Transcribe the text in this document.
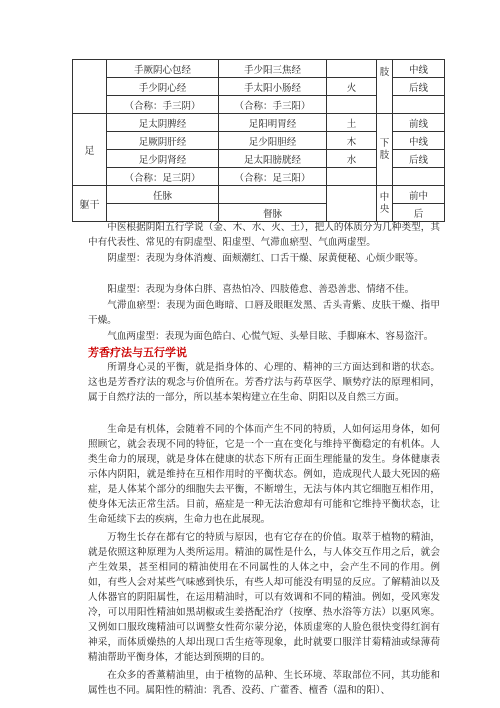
	手厥阴心包经	手少阳三焦经		肢	中线
	手少阴心经	手太阳小肠经	火		后线
	（合称：手三阴）	（合称：手三阳）			
足	足太阴脾经	足阳明胃经	土	下肢	前线
	足厥阴肝经	足少阳胆经	木		中线
	足少阴肾经	足太阳膀胱经	水		后线
	（合称：足三阴）	（合称：足三阳）			
躯干	任脉			中央	前中
		督脉			后

中医根据阴阳五行学说（金、木、水、火、土），把人的体质分为几种类型，其中有代表性、常见的有阴虚型、阳虚型、气滞血瘀型、气血两虚型。

阴虚型：表现为身体消瘦、面颊潮红、口舌干燥、尿黄便秘、心烦少眠等。

阳虚型：表现为身体白胖、喜热怕冷、四肢倦怠、善恐善悲、情绪不佳。

气滞血瘀型：表现为面色晦暗、口唇及眼眶发黑、舌头青紫、皮肤干燥、指甲干燥。

气血两虚型：表现为面色皓白、心慌气短、头晕目眩、手脚麻木、容易盗汗。

芳香疗法与五行学说

所谓身心灵的平衡，就是指身体的、心理的、精神的三方面达到和谐的状态。这也是芳香疗法的观念与价值所在。芳香疗法与药草医学、顺势疗法的原理相同，属于自然疗法的一部分，所以基本架构建立在生命、阴阳以及自然三方面。

生命是有机体，会随着不同的个体而产生不同的特质，人如何运用身体，如何照顾它，就会表现不同的特征，它是一个一直在变化与维持平衡稳定的有机体。人类生命力的展现，就是身体在健康的状态下所有正面生理能量的发生。身体健康表示体内阴阳，就是维持在互相作用时的平衡状态。例如，造成现代人最大死因的癌症，是人体某个部分的细胞失去平衡，不断增生，无法与体内其它细胞互相作用，使身体无法正常生活。目前，癌症是一种无法治愈却有可能和它维持平衡状态，让生命延续下去的疾病，生命力也在此展现。

万物生长存在都有它的特质与原因，也有它存在的价值。取萃于植物的精油，就是依照这种原理为人类所运用。精油的属性是什么，与人体交互作用之后，就会产生效果，甚至相同的精油使用在不同属性的人体之中，会产生不同的作用。例如，有些人会对某些气味感到快乐，有些人却可能没有明显的反应。了解精油以及人体器官的阴阳属性，在运用精油时，可以有效调和不同的精油。例如，受风寒发冷，可以用阳性精油如黑胡椒或生姜搭配治疗（按摩、热水浴等方法）以驱风寒。又例如口服玫瑰精油可以调整女性荷尔蒙分泌，体质虚寒的人脸色很快变得红润有神采，而体质燥热的人却出现口舌生疮等现象，此时就要口服洋甘菊精油或绿薄荷精油帮助平衡身体，才能达到预期的目的。

在众多的香薰精油里，由于植物的品种、生长环境、萃取部位不同，其功能和属性也不同。属阳性的精油：乳香、没药、广藿香、檀香（温和的阳）、
